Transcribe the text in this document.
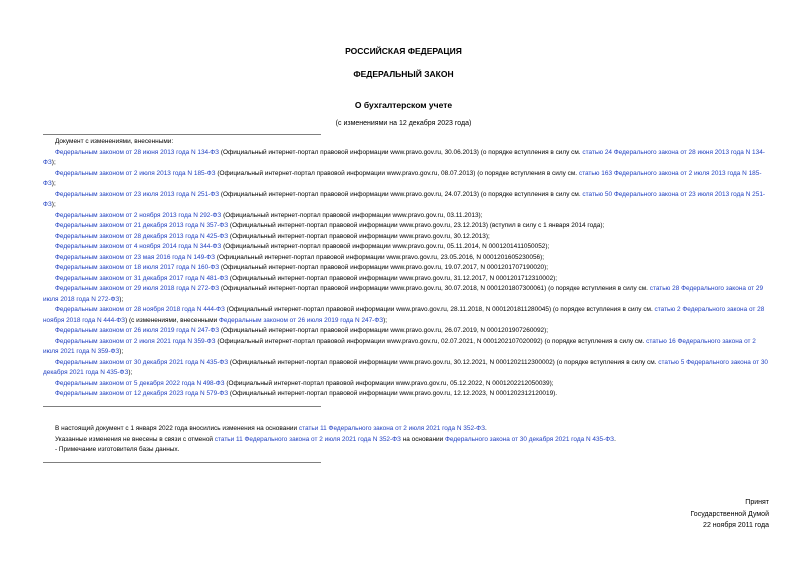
РОССИЙСКАЯ ФЕДЕРАЦИЯ
ФЕДЕРАЛЬНЫЙ ЗАКОН
О бухгалтерском учете
(с изменениями на 12 декабря 2023 года)
Документ с изменениями, внесенными:
Федеральным законом от 28 июня 2013 года N 134-ФЗ (Официальный интернет-портал правовой информации www.pravo.gov.ru, 30.06.2013) (о порядке вступления в силу см. статью 24 Федерального закона от 28 июня 2013 года N 134-ФЗ);
Федеральным законом от 2 июля 2013 года N 185-ФЗ (Официальный интернет-портал правовой информации www.pravo.gov.ru, 08.07.2013) (о порядке вступления в силу см. статью 163 Федерального закона от 2 июля 2013 года N 185-ФЗ);
Федеральным законом от 23 июля 2013 года N 251-ФЗ (Официальный интернет-портал правовой информации www.pravo.gov.ru, 24.07.2013) (о порядке вступления в силу см. статью 50 Федерального закона от 23 июля 2013 года N 251-ФЗ);
Федеральным законом от 2 ноября 2013 года N 292-ФЗ (Официальный интернет-портал правовой информации www.pravo.gov.ru, 03.11.2013);
Федеральным законом от 21 декабря 2013 года N 357-ФЗ (Официальный интернет-портал правовой информации www.pravo.gov.ru, 23.12.2013) (вступил в силу с 1 января 2014 года);
Федеральным законом от 28 декабря 2013 года N 425-ФЗ (Официальный интернет-портал правовой информации www.pravo.gov.ru, 30.12.2013);
Федеральным законом от 4 ноября 2014 года N 344-ФЗ (Официальный интернет-портал правовой информации www.pravo.gov.ru, 05.11.2014, N 0001201411050052);
Федеральным законом от 23 мая 2016 года N 149-ФЗ (Официальный интернет-портал правовой информации www.pravo.gov.ru, 23.05.2016, N 0001201605230056);
Федеральным законом от 18 июля 2017 года N 160-ФЗ (Официальный интернет-портал правовой информации www.pravo.gov.ru, 19.07.2017, N 0001201707190020);
Федеральным законом от 31 декабря 2017 года N 481-ФЗ (Официальный интернет-портал правовой информации www.pravo.gov.ru, 31.12.2017, N 0001201712310002);
Федеральным законом от 29 июля 2018 года N 272-ФЗ (Официальный интернет-портал правовой информации www.pravo.gov.ru, 30.07.2018, N 0001201807300061) (о порядке вступления в силу см. статью 28 Федерального закона от 29 июля 2018 года N 272-ФЗ);
Федеральным законом от 28 ноября 2018 года N 444-ФЗ (Официальный интернет-портал правовой информации www.pravo.gov.ru, 28.11.2018, N 0001201811280045) (о порядке вступления в силу см. статью 2 Федерального закона от 28 ноября 2018 года N 444-ФЗ) (с изменениями, внесенными Федеральным законом от 26 июля 2019 года N 247-ФЗ);
Федеральным законом от 26 июля 2019 года N 247-ФЗ (Официальный интернет-портал правовой информации www.pravo.gov.ru, 26.07.2019, N 0001201907260092);
Федеральным законом от 2 июля 2021 года N 359-ФЗ (Официальный интернет-портал правовой информации www.pravo.gov.ru, 02.07.2021, N 0001202107020092) (о порядке вступления в силу см. статью 16 Федерального закона от 2 июля 2021 года N 359-ФЗ);
Федеральным законом от 30 декабря 2021 года N 435-ФЗ (Официальный интернет-портал правовой информации www.pravo.gov.ru, 30.12.2021, N 0001202112300002) (о порядке вступления в силу см. статью 5 Федерального закона от 30 декабря 2021 года N 435-ФЗ);
Федеральным законом от 5 декабря 2022 года N 498-ФЗ (Официальный интернет-портал правовой информации www.pravo.gov.ru, 05.12.2022, N 0001202212050039);
Федеральным законом от 12 декабря 2023 года N 579-ФЗ (Официальный интернет-портал правовой информации www.pravo.gov.ru, 12.12.2023, N 0001202312120019).
В настоящий документ с 1 января 2022 года вносились изменения на основании статьи 11 Федерального закона от 2 июля 2021 года N 352-ФЗ.
Указанные изменения не внесены в связи с отменой статьи 11 Федерального закона от 2 июля 2021 года N 352-ФЗ на основании Федерального закона от 30 декабря 2021 года N 435-ФЗ.
- Примечание изготовителя базы данных.
Принят
Государственной Думой
22 ноября 2011 года
